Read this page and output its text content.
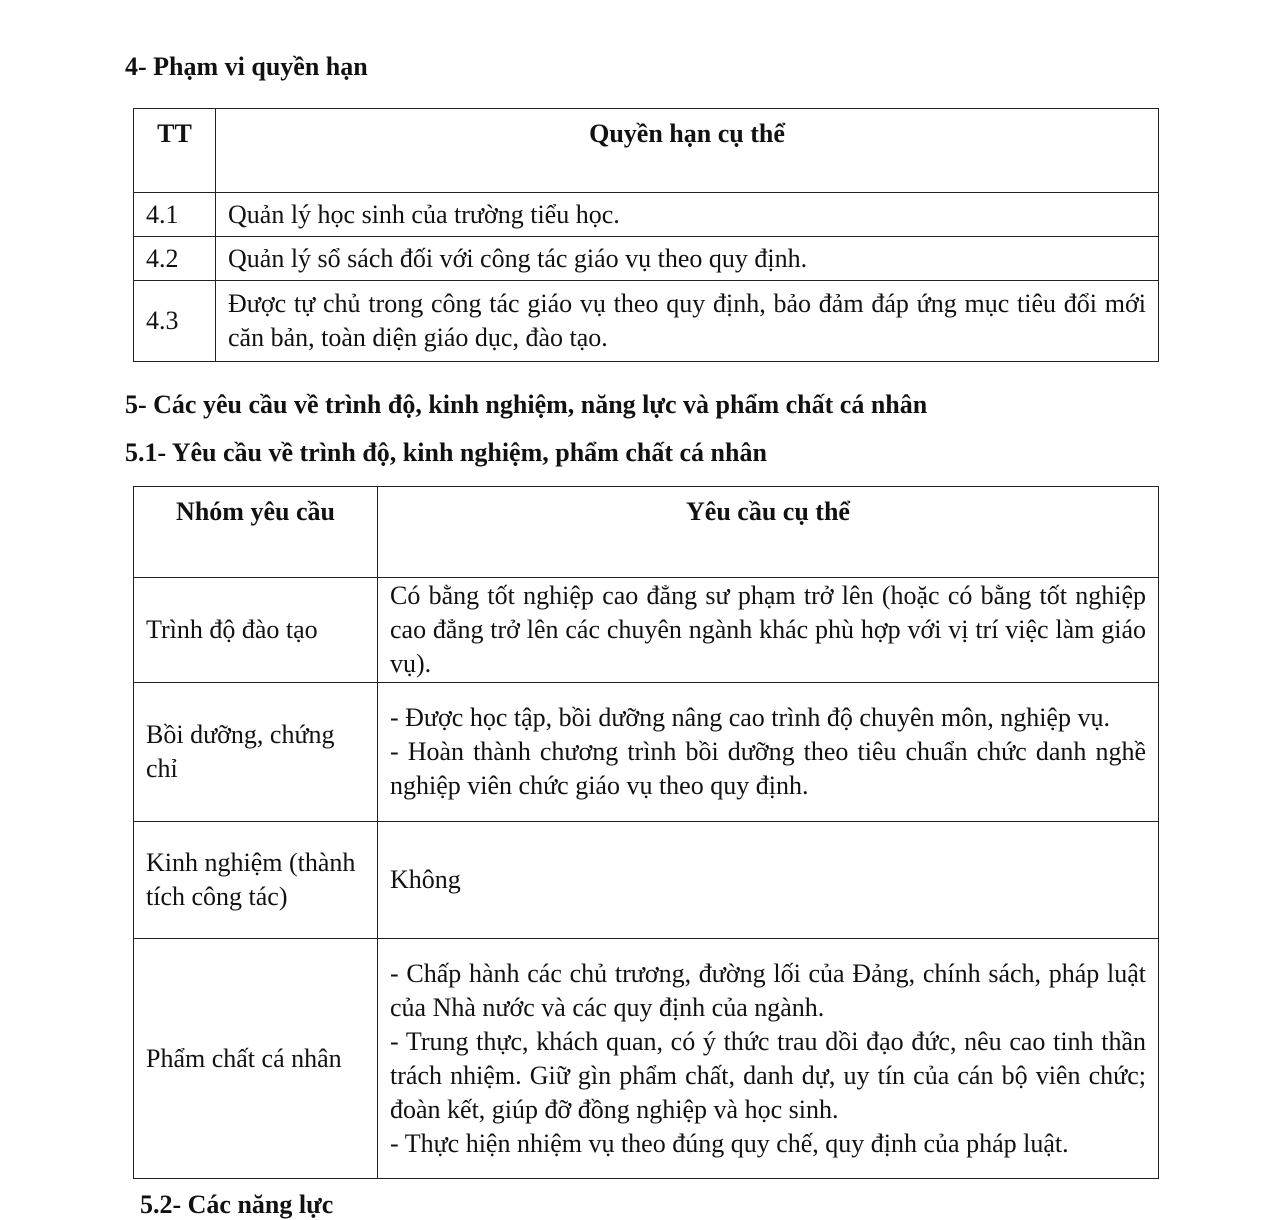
4- Phạm vi quyền hạn
TT	Quyền hạn cụ thể
4.1	Quản lý học sinh của trường tiểu học.
4.2	Quản lý sổ sách đối với công tác giáo vụ theo quy định.
4.3	Được tự chủ trong công tác giáo vụ theo quy định, bảo đảm đáp ứng mục tiêu đổi mới căn bản, toàn diện giáo dục, đào tạo.
5- Các yêu cầu về trình độ, kinh nghiệm, năng lực và phẩm chất cá nhân
5.1- Yêu cầu về trình độ, kinh nghiệm, phẩm chất cá nhân
Nhóm yêu cầu	Yêu cầu cụ thể
Trình độ đào tạo	Có bằng tốt nghiệp cao đẳng sư phạm trở lên (hoặc có bằng tốt nghiệp cao đẳng trở lên các chuyên ngành khác phù hợp với vị trí việc làm giáo vụ).

Bồi dưỡng, chứng chỉ	- Được học tập, bồi dưỡng nâng cao trình độ chuyên môn, nghiệp vụ.
- Hoàn thành chương trình bồi dưỡng theo tiêu chuẩn chức danh nghề nghiệp viên chức giáo vụ theo quy định.

Kinh nghiệm (thành tích công tác)	Không

Phẩm chất cá nhân	- Chấp hành các chủ trương, đường lối của Đảng, chính sách, pháp luật của Nhà nước và các quy định của ngành.
- Trung thực, khách quan, có ý thức trau dồi đạo đức, nêu cao tinh thần trách nhiệm. Giữ gìn phẩm chất, danh dự, uy tín của cán bộ viên chức; đoàn kết, giúp đỡ đồng nghiệp và học sinh.
- Thực hiện nhiệm vụ theo đúng quy chế, quy định của pháp luật.
5.2- Các năng lực
